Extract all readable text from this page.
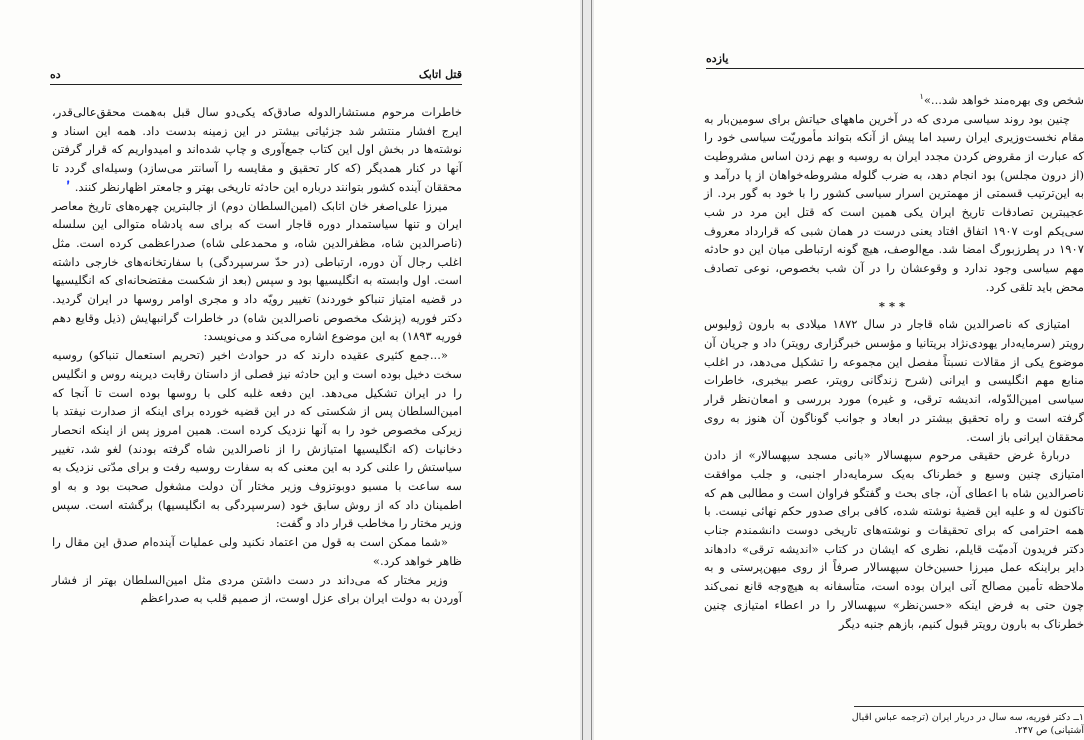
ده	قتل اتابک

خاطرات مرحوم مستشارالدوله صادق‌که یکی‌دو سال قبل به‌همت محقق‌عالی‌قدر، ایرج افشار منتشر شد جزئیاتی بیشتر در این زمینه بدست داد. همه این اسناد و نوشته‌ها در بخش اول این کتاب جمع‌آوری و چاپ شده‌اند و امیدواریم که قرار گرفتن آنها در کنار همدیگر (که کار تحقیق و مقایسه را آسانتر می‌سازد) وسیله‌ای گردد تا محققان آینده کشور بتوانند درباره این حادثه تاریخی بهتر و جامعتر اظهارنظر کنند. ٬

میرزا علی‌اصغر خان اتابک (امین‌السلطان دوم) از جالبترین چهره‌های تاریخ معاصر ایران و تنها سیاستمدار دوره قاجار است که برای سه پادشاه متوالی این سلسله (ناصرالدین شاه، مظفرالدین شاه، و محمدعلی شاه) صدراعظمی کرده است. مثل اغلب رجال آن دوره، ارتباطی (در حدّ سرسپردگی) با سفارتخانه‌های خارجی داشته است. اول وابسته به انگلیسیها بود و سپس (بعد از شکست مفتضحانه‌ای که انگلیسیها در قضیه امتیاز تنباکو خوردند) تغییر رویّه داد و مجری اوامر روسها در ایران گردید. دکتر فوریه (پزشک مخصوص ناصرالدین شاه) در خاطرات گرانبهایش (ذیل وقایع دهم فوریه ۱۸۹۳) به این موضوع اشاره می‌کند و می‌نویسد:

«...جمع کثیری عقیده دارند که در حوادث اخیر (تحریم استعمال تنباکو) روسیه سخت دخیل بوده است و این حادثه نیز فصلی از داستان رقابت دیرینه روس و انگلیس را در ایران تشکیل می‌دهد. این دفعه غلبه کلی با روسها بوده است تا آنجا که امین‌السلطان پس از شکستی که در این قضیه خورده برای اینکه از صدارت نیفتد با زیرکی مخصوص خود را به آنها نزدیک کرده است. همین امروز پس از اینکه انحصار دخانیات (که انگلیسیها امتیازش را از ناصرالدین شاه گرفته بودند) لغو شد، تغییر سیاستش را علنی کرد به این معنی که به سفارت روسیه رفت و برای مدّتی نزدیک به سه ساعت با مسیو دوبوتزوف وزیر مختار آن دولت مشغول صحبت بود و به او اطمینان داد که از روش سابق خود (سرسپردگی به انگلیسیها) برگشته است. سپس وزیر مختار را مخاطب قرار داد و گفت:

«شما ممکن است به قول من اعتماد نکنید ولی عملیات آینده‌ام صدق این مقال را ظاهر خواهد کرد.»

وزیر مختار که می‌داند در دست داشتن مردی مثل امین‌السلطان بهتر از فشار آوردن به دولت ایران برای عزل اوست، از صمیم قلب به صدراعظم

یازده

شخص وی بهره‌مند خواهد شد...»$^۱$

چنین بود روند سیاسی مردی که در آخرین ماههای حیاتش برای سومین‌بار به مقام نخست‌وزیری ایران رسید اما پیش از آنکه بتواند مأموریّت سیاسی خود را که عبارت از مقروض کردن مجدد ایران به روسیه و بهم زدن اساس مشروطیت (از درون مجلس) بود انجام دهد، به ضرب گلوله مشروطه‌خواهان از پا درآمد و به این‌ترتیب قسمتی از مهمترین اسرار سیاسی کشور را با خود به گور برد. از عجیبترین تصادفات تاریخ ایران یکی همین است که قتل این مرد در شب سی‌یکم اوت ۱۹۰۷ اتفاق افتاد یعنی درست در همان شبی که قرارداد معروف ۱۹۰۷ در پطرزبورگ امضا شد. مع‌الوصف، هیچ گونه ارتباطی میان این دو حادثه مهم سیاسی وجود ندارد و وقوعشان را در آن شب بخصوص، نوعی تصادف محض باید تلقی کرد.

***

امتیازی که ناصرالدین شاه قاجار در سال ۱۸۷۲ میلادی به بارون ژولیوس رویتر (سرمایه‌دار یهودی‌نژاد بریتانیا و مؤسس خبرگزاری رویتر) داد و جریان آن موضوع یکی از مقالات نسبتاً مفصل این مجموعه را تشکیل می‌دهد، در اغلب منابع مهم انگلیسی و ایرانی (شرح زندگانی رویتر، عصر بیخبری، خاطرات سیاسی امین‌الدّوله، اندیشه ترقی، و غیره) مورد بررسی و امعان‌نظر قرار گرفته است و راه تحقیق بیشتر در ابعاد و جوانب گوناگون آن هنوز به روی محققان ایرانی باز است.

دربارهٔ غرض حقیقی مرحوم سپهسالار «بانی مسجد سپهسالار» از دادن امتیازی چنین وسیع و خطرناک به‌یک سرمایه‌دار اجنبی، و جلب موافقت ناصرالدین شاه با اعطای آن، جای بحث و گفتگو فراوان است و مطالبی هم که تاکنون له و علیه این قضیهٔ نوشته شده، کافی برای صدور حکم نهائی نیست. با همه احترامی که برای تحقیقات و نوشته‌های تاریخی دوست دانشمندم جناب دکتر فریدون آدمیّت قایلم، نظری که ایشان در کتاب «اندیشه ترقی» دادهاند دایر براینکه عمل میرزا حسین‌خان سپهسالار صرفاً از روی میهن‌پرستی و به ملاحظه تأمین مصالح آتی ایران بوده است، متأسفانه به هیچ‌وجه قانع نمی‌کند چون حتی به فرض اینکه «حسن‌نظر» سپهسالار را در اعطاء امتیازی چنین خطرناک به بارون رویتر قبول کنیم، بازهم جنبه دیگر

۱ــ دکتر فوریه، سه سال در دربار ایران (ترجمه عباس اقبال آشتیانی) ص ۲۴۷.
